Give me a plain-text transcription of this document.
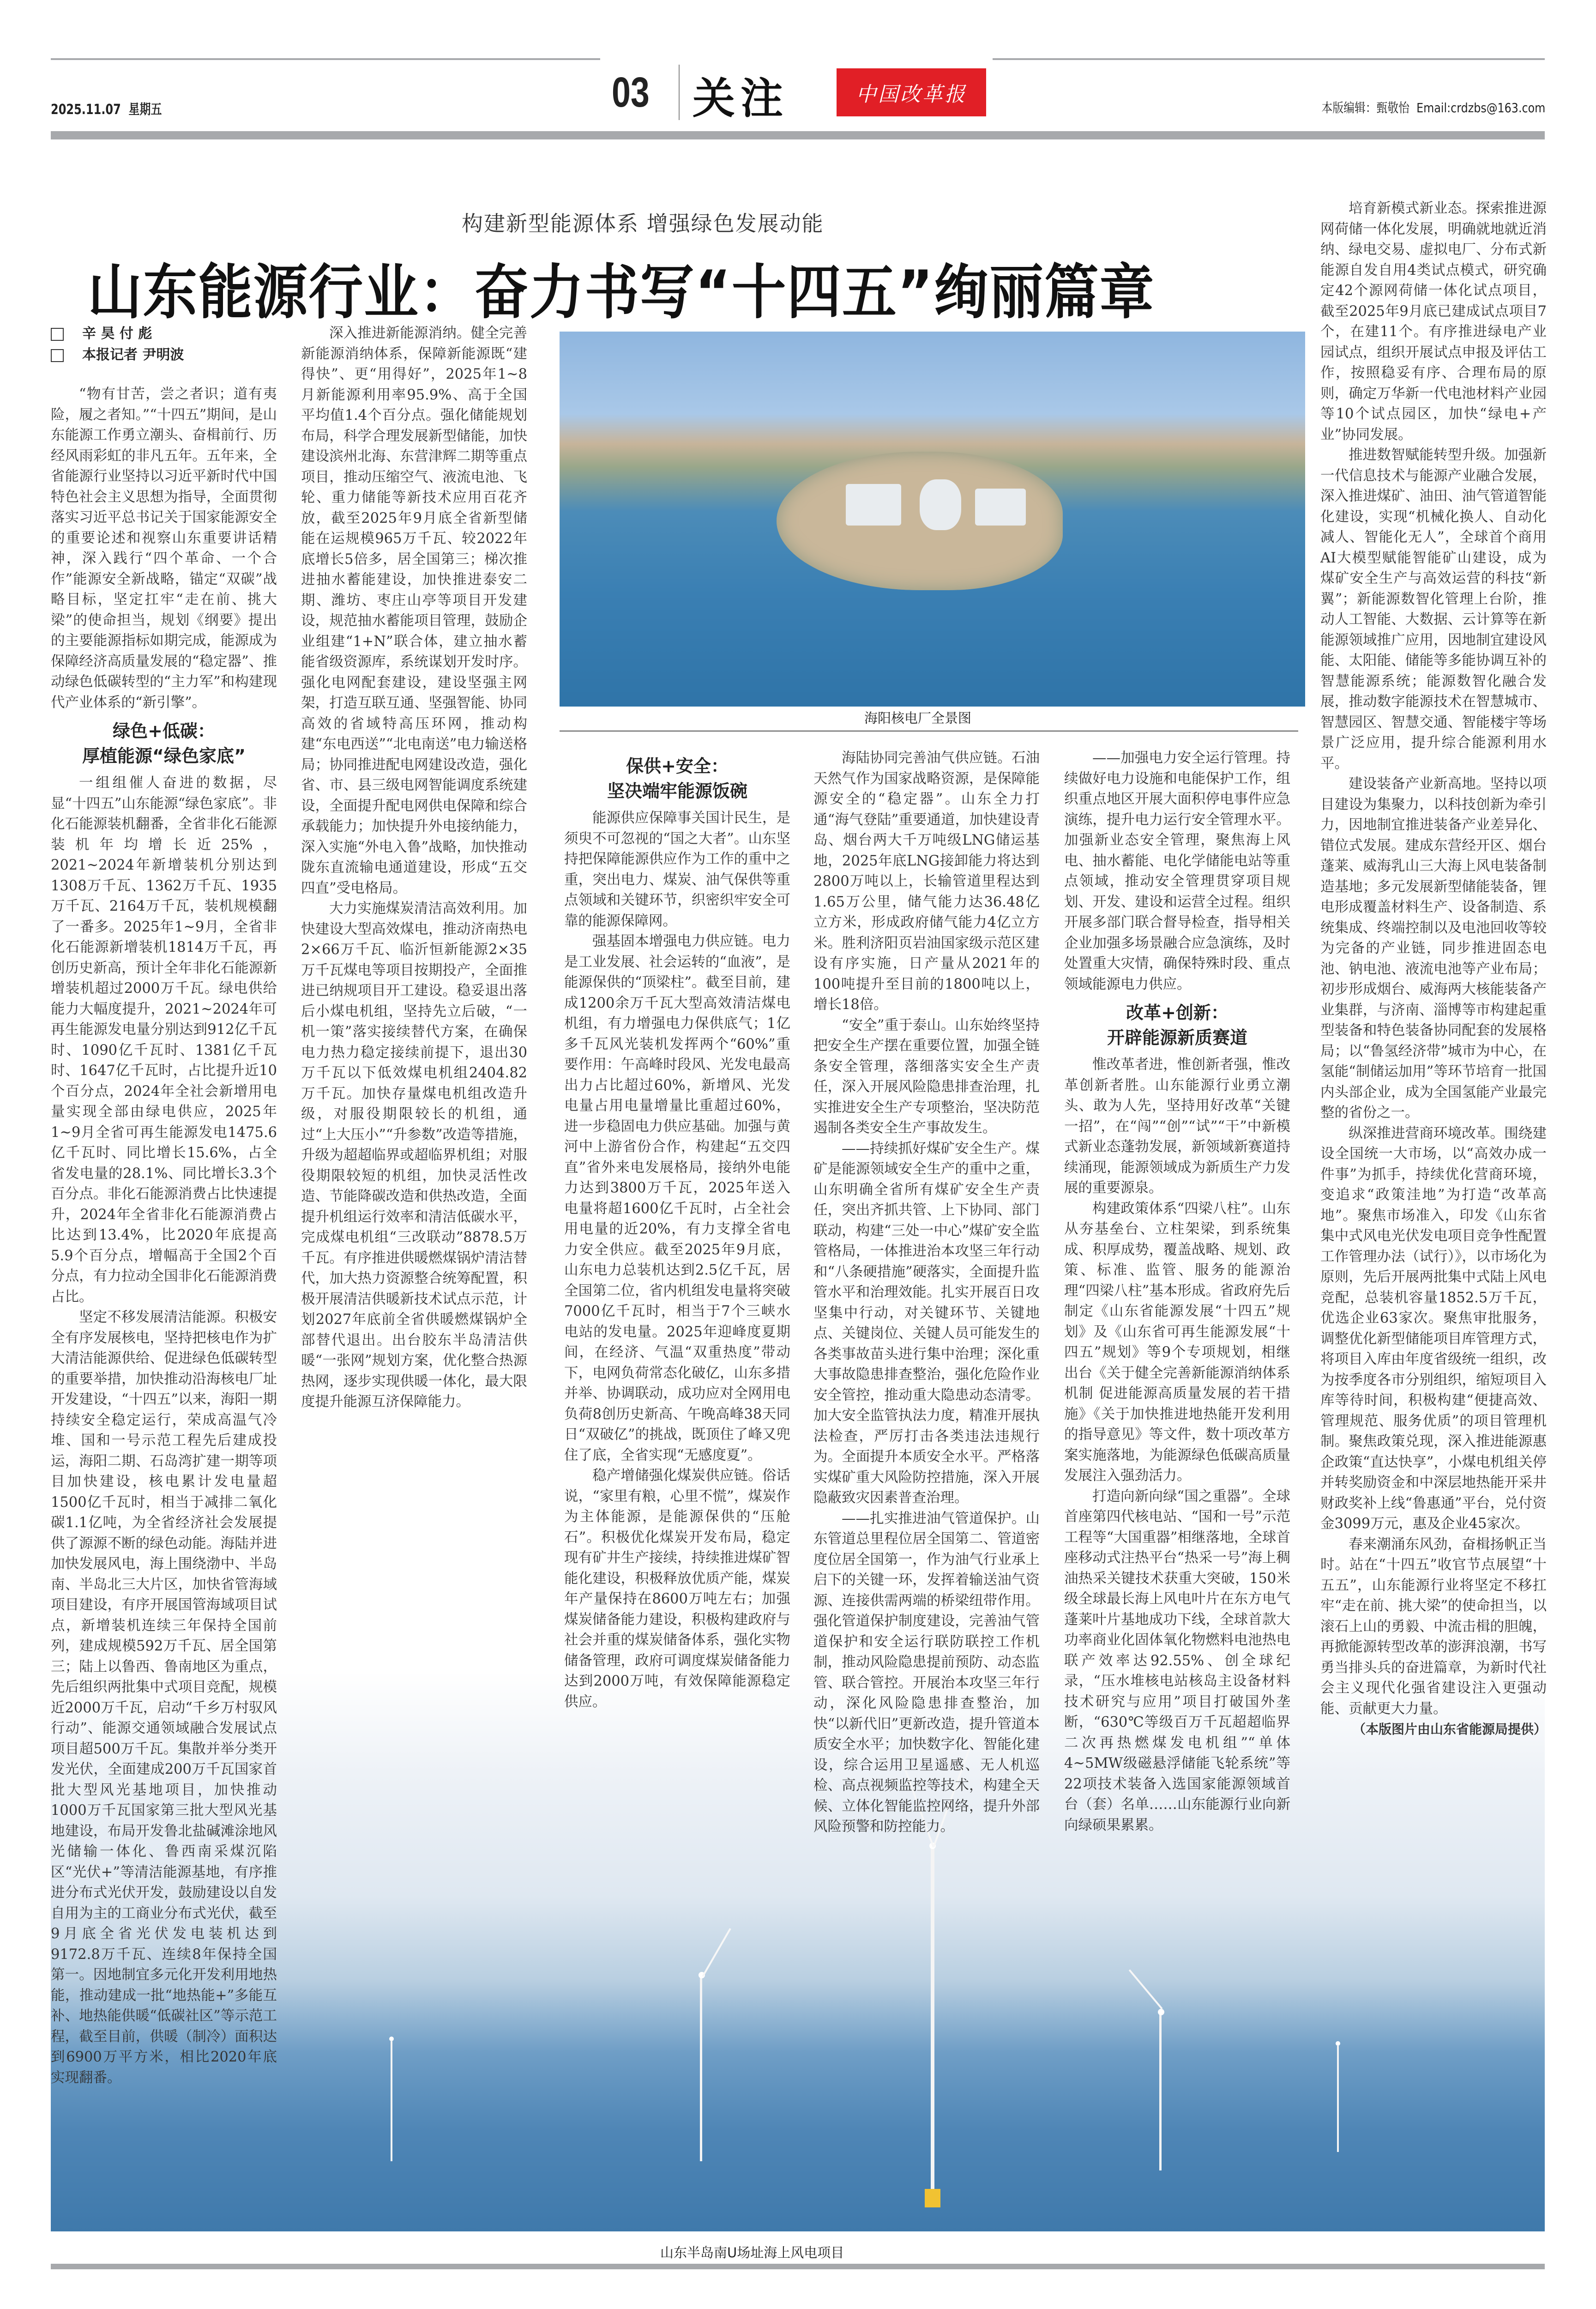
2025.11.07 星期五	03 关注	中国改革报
本版编辑：甄敬怡 Email:crdzbs@163.com
构建新型能源体系 增强绿色发展动能
山东能源行业：奋力书写“十四五”绚丽篇章
海阳核电厂全景图
辛 昊 付 彪
本报记者 尹明波

“物有甘苦，尝之者识；道有夷险，履之者知。”“十四五”期间，是山东能源工作勇立潮头、奋楫前行、历经风雨彩虹的非凡五年。五年来，全省能源行业坚持以习近平新时代中国特色社会主义思想为指导，全面贯彻落实习近平总书记关于国家能源安全的重要论述和视察山东重要讲话精神，深入践行“四个革命、一个合作”能源安全新战略，锚定“双碳”战略目标，坚定扛牢“走在前、挑大梁”的使命担当，规划《纲要》提出的主要能源指标如期完成，能源成为保障经济高质量发展的“稳定器”、推动绿色低碳转型的“主力军”和构建现代产业体系的“新引擎”。

绿色+低碳：
厚植能源“绿色家底”

一组组催人奋进的数据，尽显“十四五”山东能源“绿色家底”。非化石能源装机翻番，全省非化石能源装机年均增长近25%，2021~2024年新增装机分别达到1308万千瓦、1362万千瓦、1935万千瓦、2164万千瓦，装机规模翻了一番多。2025年1~9月，全省非化石能源新增装机1814万千瓦，再创历史新高，预计全年非化石能源新增装机超过2000万千瓦。绿电供给能力大幅度提升，2021~2024年可再生能源发电量分别达到912亿千瓦时、1090亿千瓦时、1381亿千瓦时、1647亿千瓦时，占比提升近10个百分点，2024年全社会新增用电量实现全部由绿电供应，2025年1~9月全省可再生能源发电1475.6亿千瓦时、同比增长15.6%，占全省发电量的28.1%、同比增长3.3个百分点。非化石能源消费占比快速提升，2024年全省非化石能源消费占比达到13.4%，比2020年底提高5.9个百分点，增幅高于全国2个百分点，有力拉动全国非化石能源消费占比。

坚定不移发展清洁能源。积极安全有序发展核电，坚持把核电作为扩大清洁能源供给、促进绿色低碳转型的重要举措，加快推动沿海核电厂址开发建设，“十四五”以来，海阳一期持续安全稳定运行，荣成高温气冷堆、国和一号示范工程先后建成投运，海阳二期、石岛湾扩建一期等项目加快建设，核电累计发电量超1500亿千瓦时，相当于减排二氧化碳1.1亿吨，为全省经济社会发展提供了源源不断的绿色动能。海陆并进加快发展风电，海上围绕渤中、半岛南、半岛北三大片区，加快省管海域项目建设，有序开展国管海域项目试点，新增装机连续三年保持全国前列，建成规模592万千瓦、居全国第三；陆上以鲁西、鲁南地区为重点，先后组织两批集中式项目竞配，规模近2000万千瓦，启动“千乡万村驭风行动”、能源交通领域融合发展试点项目超500万千瓦。集散并举分类开发光伏，全面建成200万千瓦国家首批大型风光基地项目，加快推动1000万千瓦国家第三批大型风光基地建设，布局开发鲁北盐碱滩涂地风光储输一体化、鲁西南采煤沉陷区“光伏+”等清洁能源基地，有序推进分布式光伏开发，鼓励建设以自发自用为主的工商业分布式光伏，截至9月底全省光伏发电装机达到9172.8万千瓦、连续8年保持全国第一。因地制宜多元化开发利用地热能，推动建成一批“地热能+”多能互补、地热能供暖“低碳社区”等示范工程，截至目前，供暖（制冷）面积达到6900万平方米，相比2020年底实现翻番。

深入推进新能源消纳。健全完善新能源消纳体系，保障新能源既“建得快”、更“用得好”，2025年1~8月新能源利用率95.9%、高于全国平均值1.4个百分点。强化储能规划布局，科学合理发展新型储能，加快建设滨州北海、东营津辉二期等重点项目，推动压缩空气、液流电池、飞轮、重力储能等新技术应用百花齐放，截至2025年9月底全省新型储能在运规模965万千瓦、较2022年底增长5倍多，居全国第三；梯次推进抽水蓄能建设，加快推进泰安二期、潍坊、枣庄山亭等项目开发建设，规范抽水蓄能项目管理，鼓励企业组建“1+N”联合体，建立抽水蓄能省级资源库，系统谋划开发时序。强化电网配套建设，建设坚强主网架，打造互联互通、坚强智能、协同高效的省域特高压环网，推动构建“东电西送”“北电南送”电力输送格局；协同推进配电网建设改造，强化省、市、县三级电网智能调度系统建设，全面提升配电网供电保障和综合承载能力；加快提升外电接纳能力，深入实施“外电入鲁”战略，加快推动陇东直流输电通道建设，形成“五交四直”受电格局。

大力实施煤炭清洁高效利用。加快建设大型高效煤电，推动济南热电2×66万千瓦、临沂恒新能源2×35万千瓦煤电等项目按期投产，全面推进已纳规项目开工建设。稳妥退出落后小煤电机组，坚持先立后破，“一机一策”落实接续替代方案，在确保电力热力稳定接续前提下，退出30万千瓦以下低效煤电机组2404.82万千瓦。加快存量煤电机组改造升级，对服役期限较长的机组，通过“上大压小”“升参数”改造等措施，升级为超超临界或超临界机组；对服役期限较短的机组，加快灵活性改造、节能降碳改造和供热改造，全面提升机组运行效率和清洁低碳水平，完成煤电机组“三改联动”8878.5万千瓦。有序推进供暖燃煤锅炉清洁替代，加大热力资源整合统筹配置，积极开展清洁供暖新技术试点示范，计划2027年底前全省供暖燃煤锅炉全部替代退出。出台胶东半岛清洁供暖“一张网”规划方案，优化整合热源热网，逐步实现供暖一体化，最大限度提升能源互济保障能力。

保供+安全：
坚决端牢能源饭碗

能源供应保障事关国计民生，是须臾不可忽视的“国之大者”。山东坚持把保障能源供应作为工作的重中之重，突出电力、煤炭、油气保供等重点领域和关键环节，织密织牢安全可靠的能源保障网。

强基固本增强电力供应链。电力是工业发展、社会运转的“血液”，是能源保供的“顶梁柱”。截至目前，建成1200余万千瓦大型高效清洁煤电机组，有力增强电力保供底气；1亿多千瓦风光装机发挥两个“60%”重要作用：午高峰时段风、光发电最高出力占比超过60%，新增风、光发电量占用电量增量比重超过60%，进一步稳固电力供应基础。加强与黄河中上游省份合作，构建起“五交四直”省外来电发展格局，接纳外电能力达到3800万千瓦，2025年送入电量将超1600亿千瓦时，占全社会用电量的近20%，有力支撑全省电力安全供应。截至2025年9月底，山东电力总装机达到2.5亿千瓦，居全国第二位，省内机组发电量将突破7000亿千瓦时，相当于7个三峡水电站的发电量。2025年迎峰度夏期间，在经济、气温“双重热度”带动下，电网负荷常态化破亿，山东多措并举、协调联动，成功应对全网用电负荷8创历史新高、午晚高峰38天同日“双破亿”的挑战，既顶住了峰又兜住了底，全省实现“无感度夏”。

稳产增储强化煤炭供应链。俗话说，“家里有粮，心里不慌”，煤炭作为主体能源，是能源保供的“压舱石”。积极优化煤炭开发布局，稳定现有矿井生产接续，持续推进煤矿智能化建设，积极释放优质产能，煤炭年产量保持在8600万吨左右；加强煤炭储备能力建设，积极构建政府与社会并重的煤炭储备体系，强化实物储备管理，政府可调度煤炭储备能力达到2000万吨，有效保障能源稳定供应。

海陆协同完善油气供应链。石油天然气作为国家战略资源，是保障能源安全的“稳定器”。山东全力打通“海气登陆”重要通道，加快建设青岛、烟台两大千万吨级LNG储运基地，2025年底LNG接卸能力将达到2800万吨以上，长输管道里程达到1.65万公里，储气能力达36.48亿立方米，形成政府储气能力4亿立方米。胜利济阳页岩油国家级示范区建设有序实施，日产量从2021年的100吨提升至目前的1800吨以上，增长18倍。

“安全”重于泰山。山东始终坚持把安全生产摆在重要位置，加强全链条安全管理，落细落实安全生产责任，深入开展风险隐患排查治理，扎实推进安全生产专项整治，坚决防范遏制各类安全生产事故发生。

——持续抓好煤矿安全生产。煤矿是能源领域安全生产的重中之重，山东明确全省所有煤矿安全生产责任，突出齐抓共管、上下协同、部门联动，构建“三处一中心”煤矿安全监管格局，一体推进治本攻坚三年行动和“八条硬措施”硬落实，全面提升监管水平和治理效能。扎实开展百日攻坚集中行动，对关键环节、关键地点、关键岗位、关键人员可能发生的各类事故苗头进行集中治理；深化重大事故隐患排查整治，强化危险作业安全管控，推动重大隐患动态清零。加大安全监管执法力度，精准开展执法检查，严厉打击各类违法违规行为。全面提升本质安全水平。严格落实煤矿重大风险防控措施，深入开展隐蔽致灾因素普查治理。

——扎实推进油气管道保护。山东管道总里程位居全国第二、管道密度位居全国第一，作为油气行业承上启下的关键一环，发挥着输送油气资源、连接供需两端的桥梁纽带作用。强化管道保护制度建设，完善油气管道保护和安全运行联防联控工作机制，推动风险隐患提前预防、动态监管、联合管控。开展治本攻坚三年行动，深化风险隐患排查整治，加快“以新代旧”更新改造，提升管道本质安全水平；加快数字化、智能化建设，综合运用卫星遥感、无人机巡检、高点视频监控等技术，构建全天候、立体化智能监控网络，提升外部风险预警和防控能力。

——加强电力安全运行管理。持续做好电力设施和电能保护工作，组织重点地区开展大面积停电事件应急演练，提升电力运行安全管理水平。加强新业态安全管理，聚焦海上风电、抽水蓄能、电化学储能电站等重点领域，推动安全管理贯穿项目规划、开发、建设和运营全过程。组织开展多部门联合督导检查，指导相关企业加强多场景融合应急演练，及时处置重大灾情，确保特殊时段、重点领域能源电力供应。

改革+创新：
开辟能源新质赛道

惟改革者进，惟创新者强，惟改革创新者胜。山东能源行业勇立潮头、敢为人先，坚持用好改革“关键一招”，在“闯”“创”“试”“干”中新模式新业态蓬勃发展，新领域新赛道持续涌现，能源领域成为新质生产力发展的重要源泉。

构建政策体系“四梁八柱”。山东从夯基垒台、立柱架梁，到系统集成、积厚成势，覆盖战略、规划、政策、标准、监管、服务的能源治理“四梁八柱”基本形成。省政府先后制定《山东省能源发展“十四五”规划》及《山东省可再生能源发展“十四五”规划》等9个专项规划，相继出台《关于健全完善新能源消纳体系机制 促进能源高质量发展的若干措施》《关于加快推进地热能开发利用的指导意见》等文件，数十项改革方案实施落地，为能源绿色低碳高质量发展注入强劲活力。

打造向新向绿“国之重器”。全球首座第四代核电站、“国和一号”示范工程等“大国重器”相继落地，全球首座移动式注热平台“热采一号”海上稠油热采关键技术获重大突破，150米级全球最长海上风电叶片在东方电气蓬莱叶片基地成功下线，全球首款大功率商业化固体氧化物燃料电池热电联产效率达92.55%、创全球纪录，“压水堆核电站核岛主设备材料技术研究与应用”项目打破国外垄断，“630℃等级百万千瓦超超临界二次再热燃煤发电机组”“单体4~5MW级磁悬浮储能飞轮系统”等22项技术装备入选国家能源领域首台（套）名单……山东能源行业向新向绿硕果累累。

培育新模式新业态。探索推进源网荷储一体化发展，明确就地就近消纳、绿电交易、虚拟电厂、分布式新能源自发自用4类试点模式，研究确定42个源网荷储一体化试点项目，截至2025年9月底已建成试点项目7个，在建11个。有序推进绿电产业园试点，组织开展试点申报及评估工作，按照稳妥有序、合理布局的原则，确定万华新一代电池材料产业园等10个试点园区，加快“绿电+产业”协同发展。

推进数智赋能转型升级。加强新一代信息技术与能源产业融合发展，深入推进煤矿、油田、油气管道智能化建设，实现“机械化换人、自动化减人、智能化无人”，全球首个商用AI大模型赋能智能矿山建设，成为煤矿安全生产与高效运营的科技“新翼”；新能源数智化管理上台阶，推动人工智能、大数据、云计算等在新能源领域推广应用，因地制宜建设风能、太阳能、储能等多能协调互补的智慧能源系统；能源数智化融合发展，推动数字能源技术在智慧城市、智慧园区、智慧交通、智能楼宇等场景广泛应用，提升综合能源利用水平。

建设装备产业新高地。坚持以项目建设为集聚力，以科技创新为牵引力，因地制宜推进装备产业差异化、错位式发展。建成东营经开区、烟台蓬莱、威海乳山三大海上风电装备制造基地；多元发展新型储能装备，锂电形成覆盖材料生产、设备制造、系统集成、终端控制以及电池回收等较为完备的产业链，同步推进固态电池、钠电池、液流电池等产业布局；初步形成烟台、威海两大核能装备产业集群，与济南、淄博等市构建起重型装备和特色装备协同配套的发展格局；以“鲁氢经济带”城市为中心，在氢能“制储运加用”等环节培育一批国内头部企业，成为全国氢能产业最完整的省份之一。

纵深推进营商环境改革。围绕建设全国统一大市场，以“高效办成一件事”为抓手，持续优化营商环境，变追求“政策洼地”为打造“改革高地”。聚焦市场准入，印发《山东省集中式风电光伏发电项目竞争性配置工作管理办法（试行）》，以市场化为原则，先后开展两批集中式陆上风电竞配，总装机容量1852.5万千瓦，优选企业63家次。聚焦审批服务，调整优化新型储能项目库管理方式，将项目入库由年度省级统一组织，改为按季度各市分别组织，缩短项目入库等待时间，积极构建“便捷高效、管理规范、服务优质”的项目管理机制。聚焦政策兑现，深入推进能源惠企政策“直达快享”，小煤电机组关停并转奖励资金和中深层地热能开采井财政奖补上线“鲁惠通”平台，兑付资金3099万元，惠及企业45家次。

春来潮涌东风劲，奋楫扬帆正当时。站在“十四五”收官节点展望“十五五”，山东能源行业将坚定不移扛牢“走在前、挑大梁”的使命担当，以滚石上山的勇毅、中流击楫的胆魄，再掀能源转型改革的澎湃浪潮，书写勇当排头兵的奋进篇章，为新时代社会主义现代化强省建设注入更强动能、贡献更大力量。

（本版图片由山东省能源局提供）
山东半岛南U场址海上风电项目
